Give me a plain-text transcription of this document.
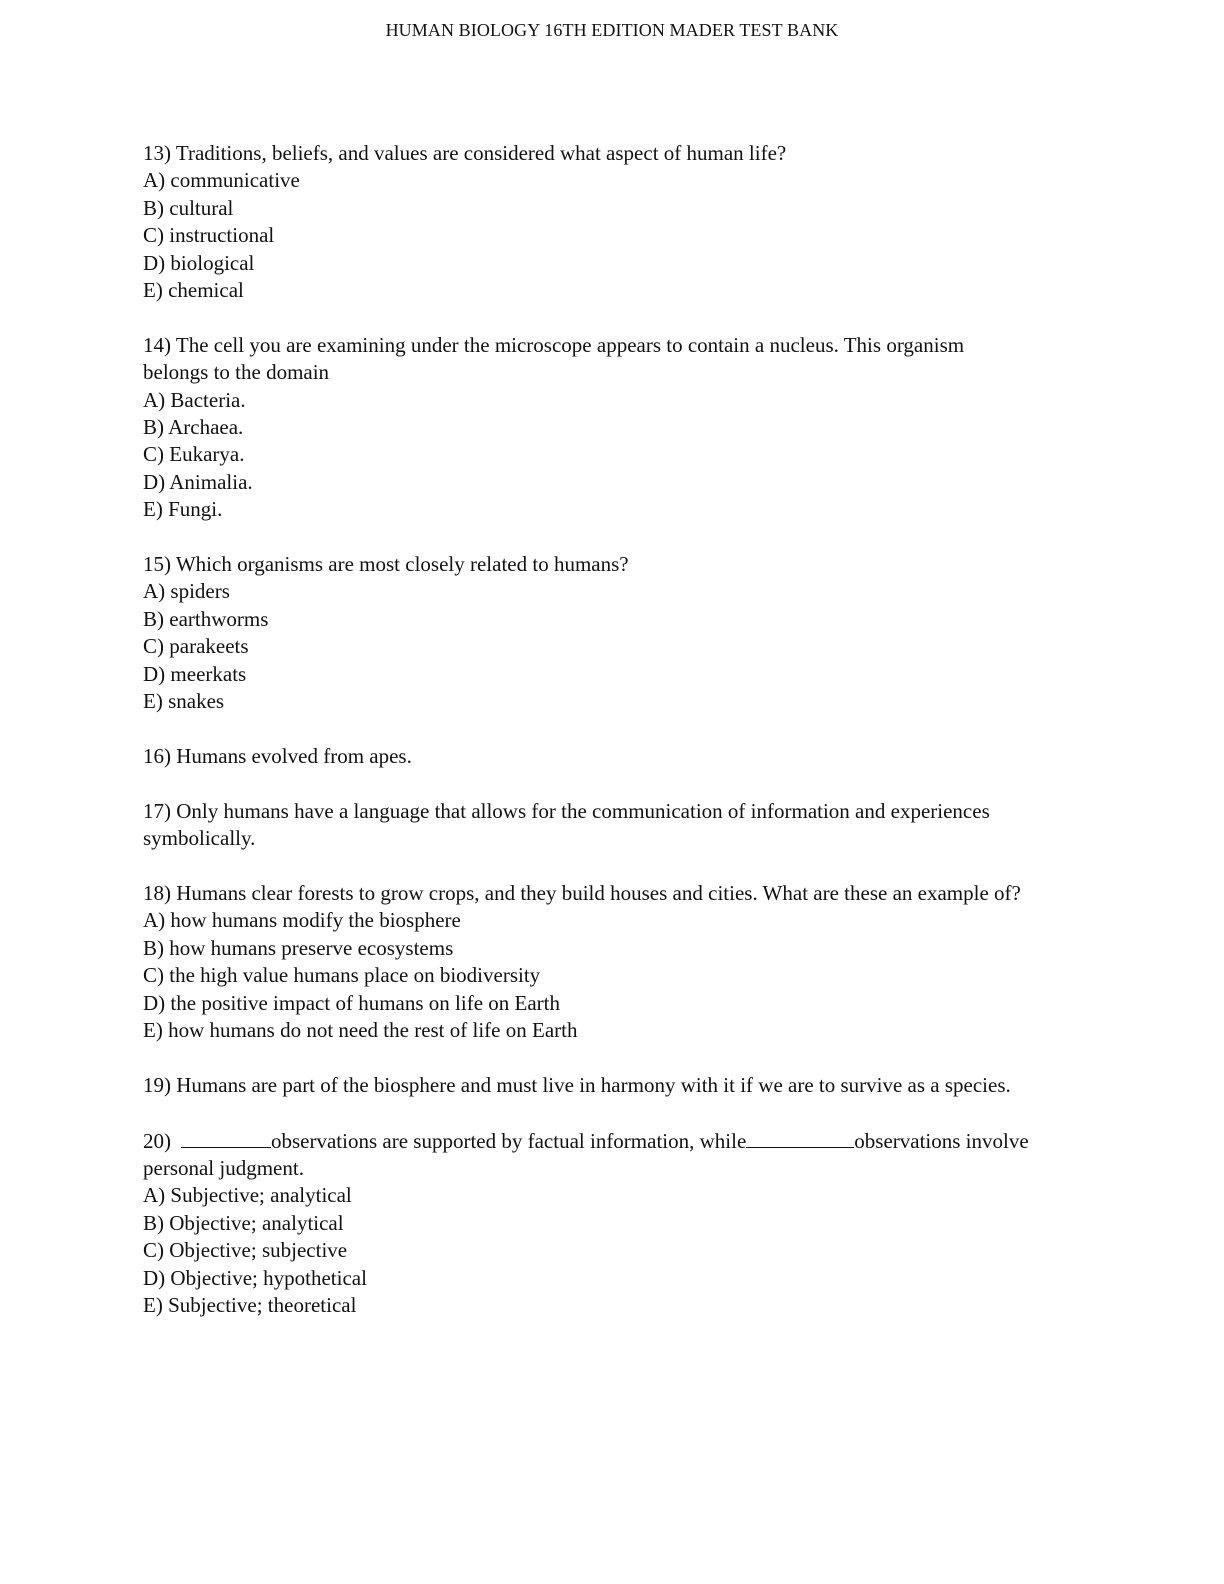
HUMAN BIOLOGY 16TH EDITION MADER TEST BANK
13) Traditions, beliefs, and values are considered what aspect of human life?
A) communicative
B) cultural
C) instructional
D) biological
E) chemical
14) The cell you are examining under the microscope appears to contain a nucleus. This organism belongs to the domain
A) Bacteria.
B) Archaea.
C) Eukarya.
D) Animalia.
E) Fungi.
15) Which organisms are most closely related to humans?
A) spiders
B) earthworms
C) parakeets
D) meerkats
E) snakes
16) Humans evolved from apes.
17) Only humans have a language that allows for the communication of information and experiences symbolically.
18) Humans clear forests to grow crops, and they build houses and cities. What are these an example of?
A) how humans modify the biosphere
B) how humans preserve ecosystems
C) the high value humans place on biodiversity
D) the positive impact of humans on life on Earth
E) how humans do not need the rest of life on Earth
19) Humans are part of the biosphere and must live in harmony with it if we are to survive as a species.
20)	observations are supported by factual information, while	observations involve personal judgment.
A) Subjective; analytical
B) Objective; analytical
C) Objective; subjective
D) Objective; hypothetical
E) Subjective; theoretical
